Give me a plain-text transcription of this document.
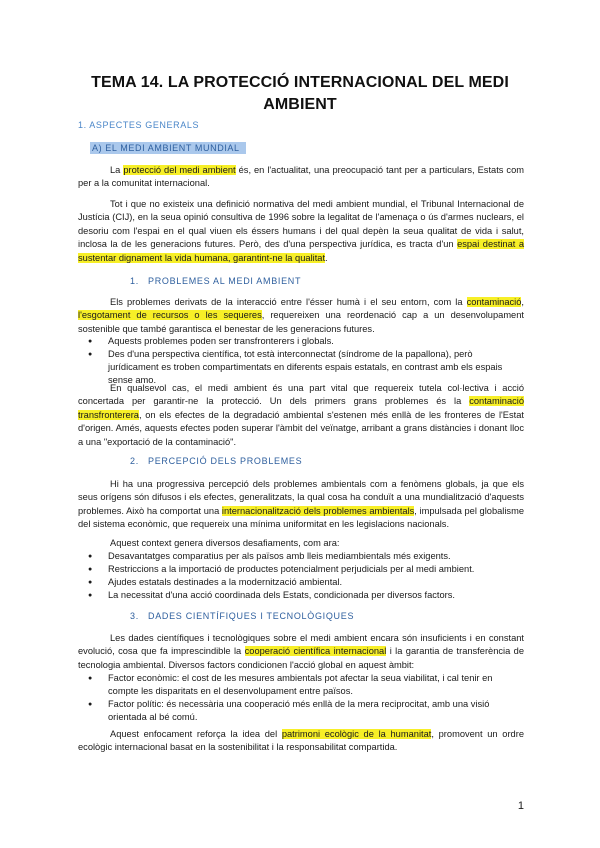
TEMA 14. LA PROTECCIÓ INTERNACIONAL DEL MEDI AMBIENT
1. ASPECTES GENERALS
A) EL MEDI AMBIENT MUNDIAL

La protecció del medi ambient és, en l'actualitat, una preocupació tant per a particulars, Estats com per a la comunitat internacional.

Tot i que no existeix una definició normativa del medi ambient mundial, el Tribunal Internacional de Justícia (CIJ), en la seua opinió consultiva de 1996 sobre la legalitat de l'amenaça o ús d'armes nuclears, el desoriu com l'espai en el qual viuen els éssers humans i del qual depèn la seua qualitat de vida i salut, inclosa la de les generacions futures. Però, des d'una perspectiva jurídica, es tracta d'un espai destinat a sustentar dignament la vida humana, garantint-ne la qualitat.

1. PROBLEMES AL MEDI AMBIENT

Els problemes derivats de la interacció entre l'ésser humà i el seu entorn, com la contaminació, l'esgotament de recursos o les sequeres, requereixen una reordenació cap a un desenvolupament sostenible que també garantisca el benestar de les generacions futures.

● Aquests problemes poden ser transfronterers i globals.
● Des d'una perspectiva científica, tot està interconnectat (síndrome de la papallona), però jurídicament es troben compartimentats en diferents espais estatals, en contrast amb els espais sense amo.

En qualsevol cas, el medi ambient és una part vital que requereix tutela col·lectiva i acció concertada per garantir-ne la protecció. Un dels primers grans problemes és la contaminació transfronterera, on els efectes de la degradació ambiental s'estenen més enllà de les fronteres de l'Estat d'origen. Amés, aquests efectes poden superar l'àmbit del veïnatge, arribant a grans distàncies i donant lloc a una "exportació de la contaminació".

2. PERCEPCIÓ DELS PROBLEMES

Hi ha una progressiva percepció dels problemes ambientals com a fenòmens globals, ja que els seus orígens són difusos i els efectes, generalitzats, la qual cosa ha conduït a una mundialització d'aquests problemes. Això ha comportat una internacionalització dels problemes ambientals, impulsada pel globalisme del sistema econòmic, que requereix una mínima uniformitat en les legislacions nacionals.

Aquest context genera diversos desafiaments, com ara:

● Desavantatges comparatius per als països amb lleis mediambientals més exigents.
● Restriccions a la importació de productes potencialment perjudicials per al medi ambient.
● Ajudes estatals destinades a la modernització ambiental.
● La necessitat d'una acció coordinada dels Estats, condicionada per diversos factors.
3. DADES CIENTÍFIQUES I TECNOLÒGIQUES

Les dades científiques i tecnològiques sobre el medi ambient encara són insuficients i en constant evolució, cosa que fa imprescindible la cooperació científica internacional i la garantia de transferència de tecnologia ambiental. Diversos factors condicionen l'acció global en aquest àmbit:

● Factor econòmic: el cost de les mesures ambientals pot afectar la seua viabilitat, i cal tenir en compte les disparitats en el desenvolupament entre països.
● Factor polític: és necessària una cooperació més enllà de la mera reciprocitat, amb una visió orientada al bé comú.

Aquest enfocament reforça la idea del patrimoni ecològic de la humanitat, promovent un ordre ecològic internacional basat en la sostenibilitat i la responsabilitat compartida.

1
